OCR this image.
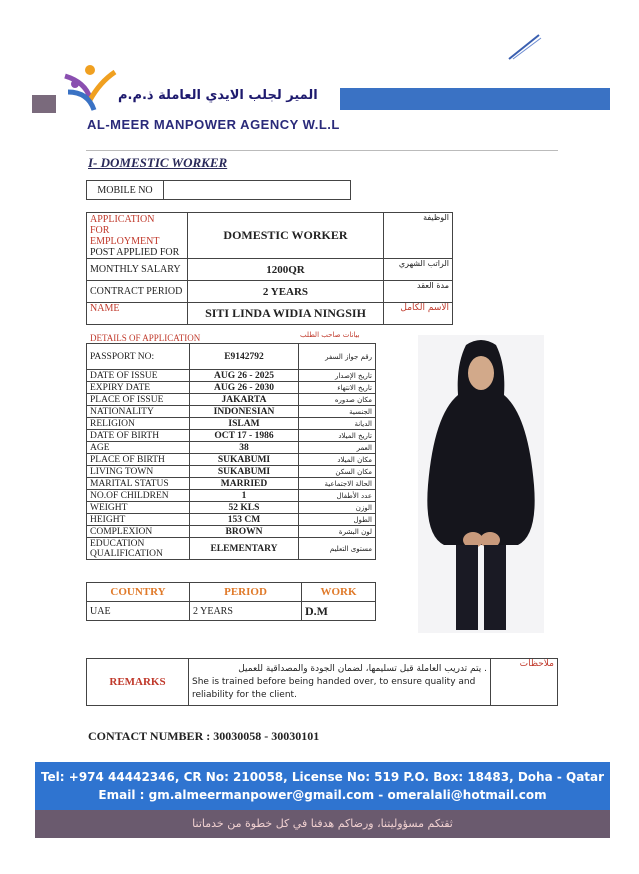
المير لجلب الايدي العاملة ذ.م.م
AL-MEER MANPOWER AGENCY W.L.L
I- DOMESTIC WORKER
MOBILE NO	
APPLICATION
FOR
EMPLOYMENT
POST APPLIED FOR	DOMESTIC WORKER	الوظيفة
MONTHLY SALARY	1200QR	الراتب الشهري
CONTRACT PERIOD	2 YEARS	مدة العقد
NAME	SITI LINDA WIDIA NINGSIH	الاسم الكامل
DETAILS OF APPLICATION	بيانات صاحب الطلب
PASSPORT NO:	E9142792	رقم جواز السفر
DATE OF ISSUE	AUG 26 - 2025	تاريخ الإصدار
EXPIRY DATE	AUG 26 - 2030	تاريخ الانتهاء
PLACE OF ISSUE	JAKARTA	مكان صدوره
NATIONALITY	INDONESIAN	الجنسية
RELIGION	ISLAM	الديانة
DATE OF BIRTH	OCT 17 - 1986	تاريخ الميلاد
AGE	38	العمر
PLACE OF BIRTH	SUKABUMI	مكان الميلاد
LIVING TOWN	SUKABUMI	مكان السكن
MARITAL STATUS	MARRIED	الحالة الاجتماعية
NO.OF CHILDREN	1	عدد الأطفال
WEIGHT	52 KLS	الوزن
HEIGHT	153 CM	الطول
COMPLEXION	BROWN	لون البشرة
EDUCATION QUALIFICATION	ELEMENTARY	مستوى التعليم
COUNTRY	PERIOD	WORK
UAE	2 YEARS	D.M
REMARKS	
يتم تدريب العاملة قبل تسليمها، لضمان الجودة والمصداقية للعميل .
She is trained before being handed over, to ensure quality and reliability for the client.
	ملاحظات
CONTACT NUMBER : 30030058 - 30030101
Tel: +974 44442346, CR No: 210058, License No: 519 P.O. Box: 18483, Doha - Qatar
Email : gm.almeermanpower@gmail.com - omeralali@hotmail.com
ثقتكم مسؤوليتنا، ورضاكم هدفنا في كل خطوة من خدماتنا
